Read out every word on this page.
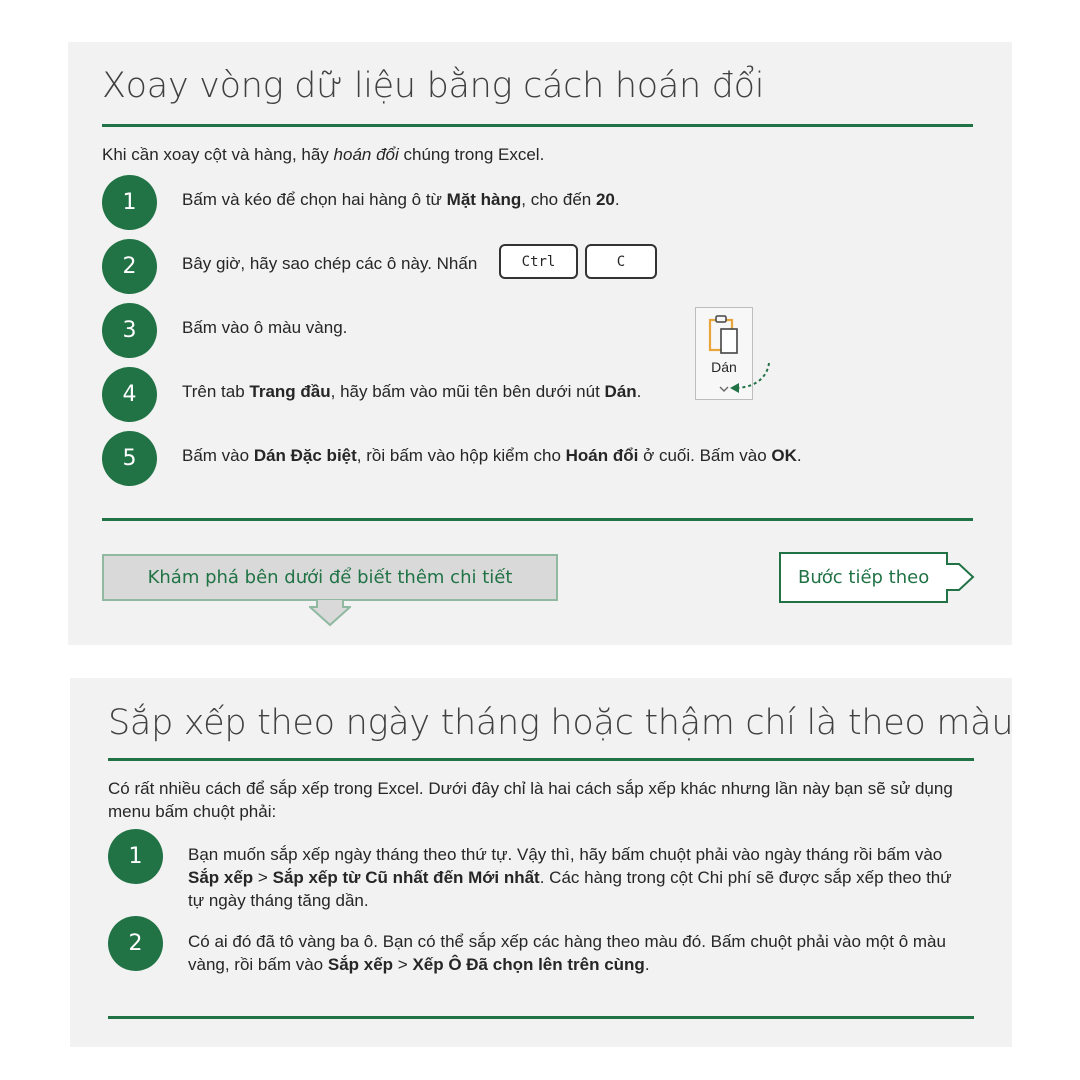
Xoay vòng dữ liệu bằng cách hoán đổi
Khi cần xoay cột và hàng, hãy hoán đổi chúng trong Excel.
1	Bấm và kéo để chọn hai hàng ô từ Mặt hàng, cho đến 20.
2	Bây giờ, hãy sao chép các ô này. Nhấn	Ctrl	C
3	Bấm vào ô màu vàng.
4	Trên tab Trang đầu, hãy bấm vào mũi tên bên dưới nút Dán.
Dán
5	Bấm vào Dán Đặc biệt, rồi bấm vào hộp kiểm cho Hoán đổi ở cuối. Bấm vào OK.
Khám phá bên dưới để biết thêm chi tiết	Bước tiếp theo
Sắp xếp theo ngày tháng hoặc thậm chí là theo màu
Có rất nhiều cách để sắp xếp trong Excel. Dưới đây chỉ là hai cách sắp xếp khác nhưng lần này bạn sẽ sử dụng menu bấm chuột phải:
1	Bạn muốn sắp xếp ngày tháng theo thứ tự. Vậy thì, hãy bấm chuột phải vào ngày tháng rồi bấm vào Sắp xếp > Sắp xếp từ Cũ nhất đến Mới nhất. Các hàng trong cột Chi phí sẽ được sắp xếp theo thứ tự ngày tháng tăng dần.
2	Có ai đó đã tô vàng ba ô. Bạn có thể sắp xếp các hàng theo màu đó. Bấm chuột phải vào một ô màu vàng, rồi bấm vào Sắp xếp > Xếp Ô Đã chọn lên trên cùng.
